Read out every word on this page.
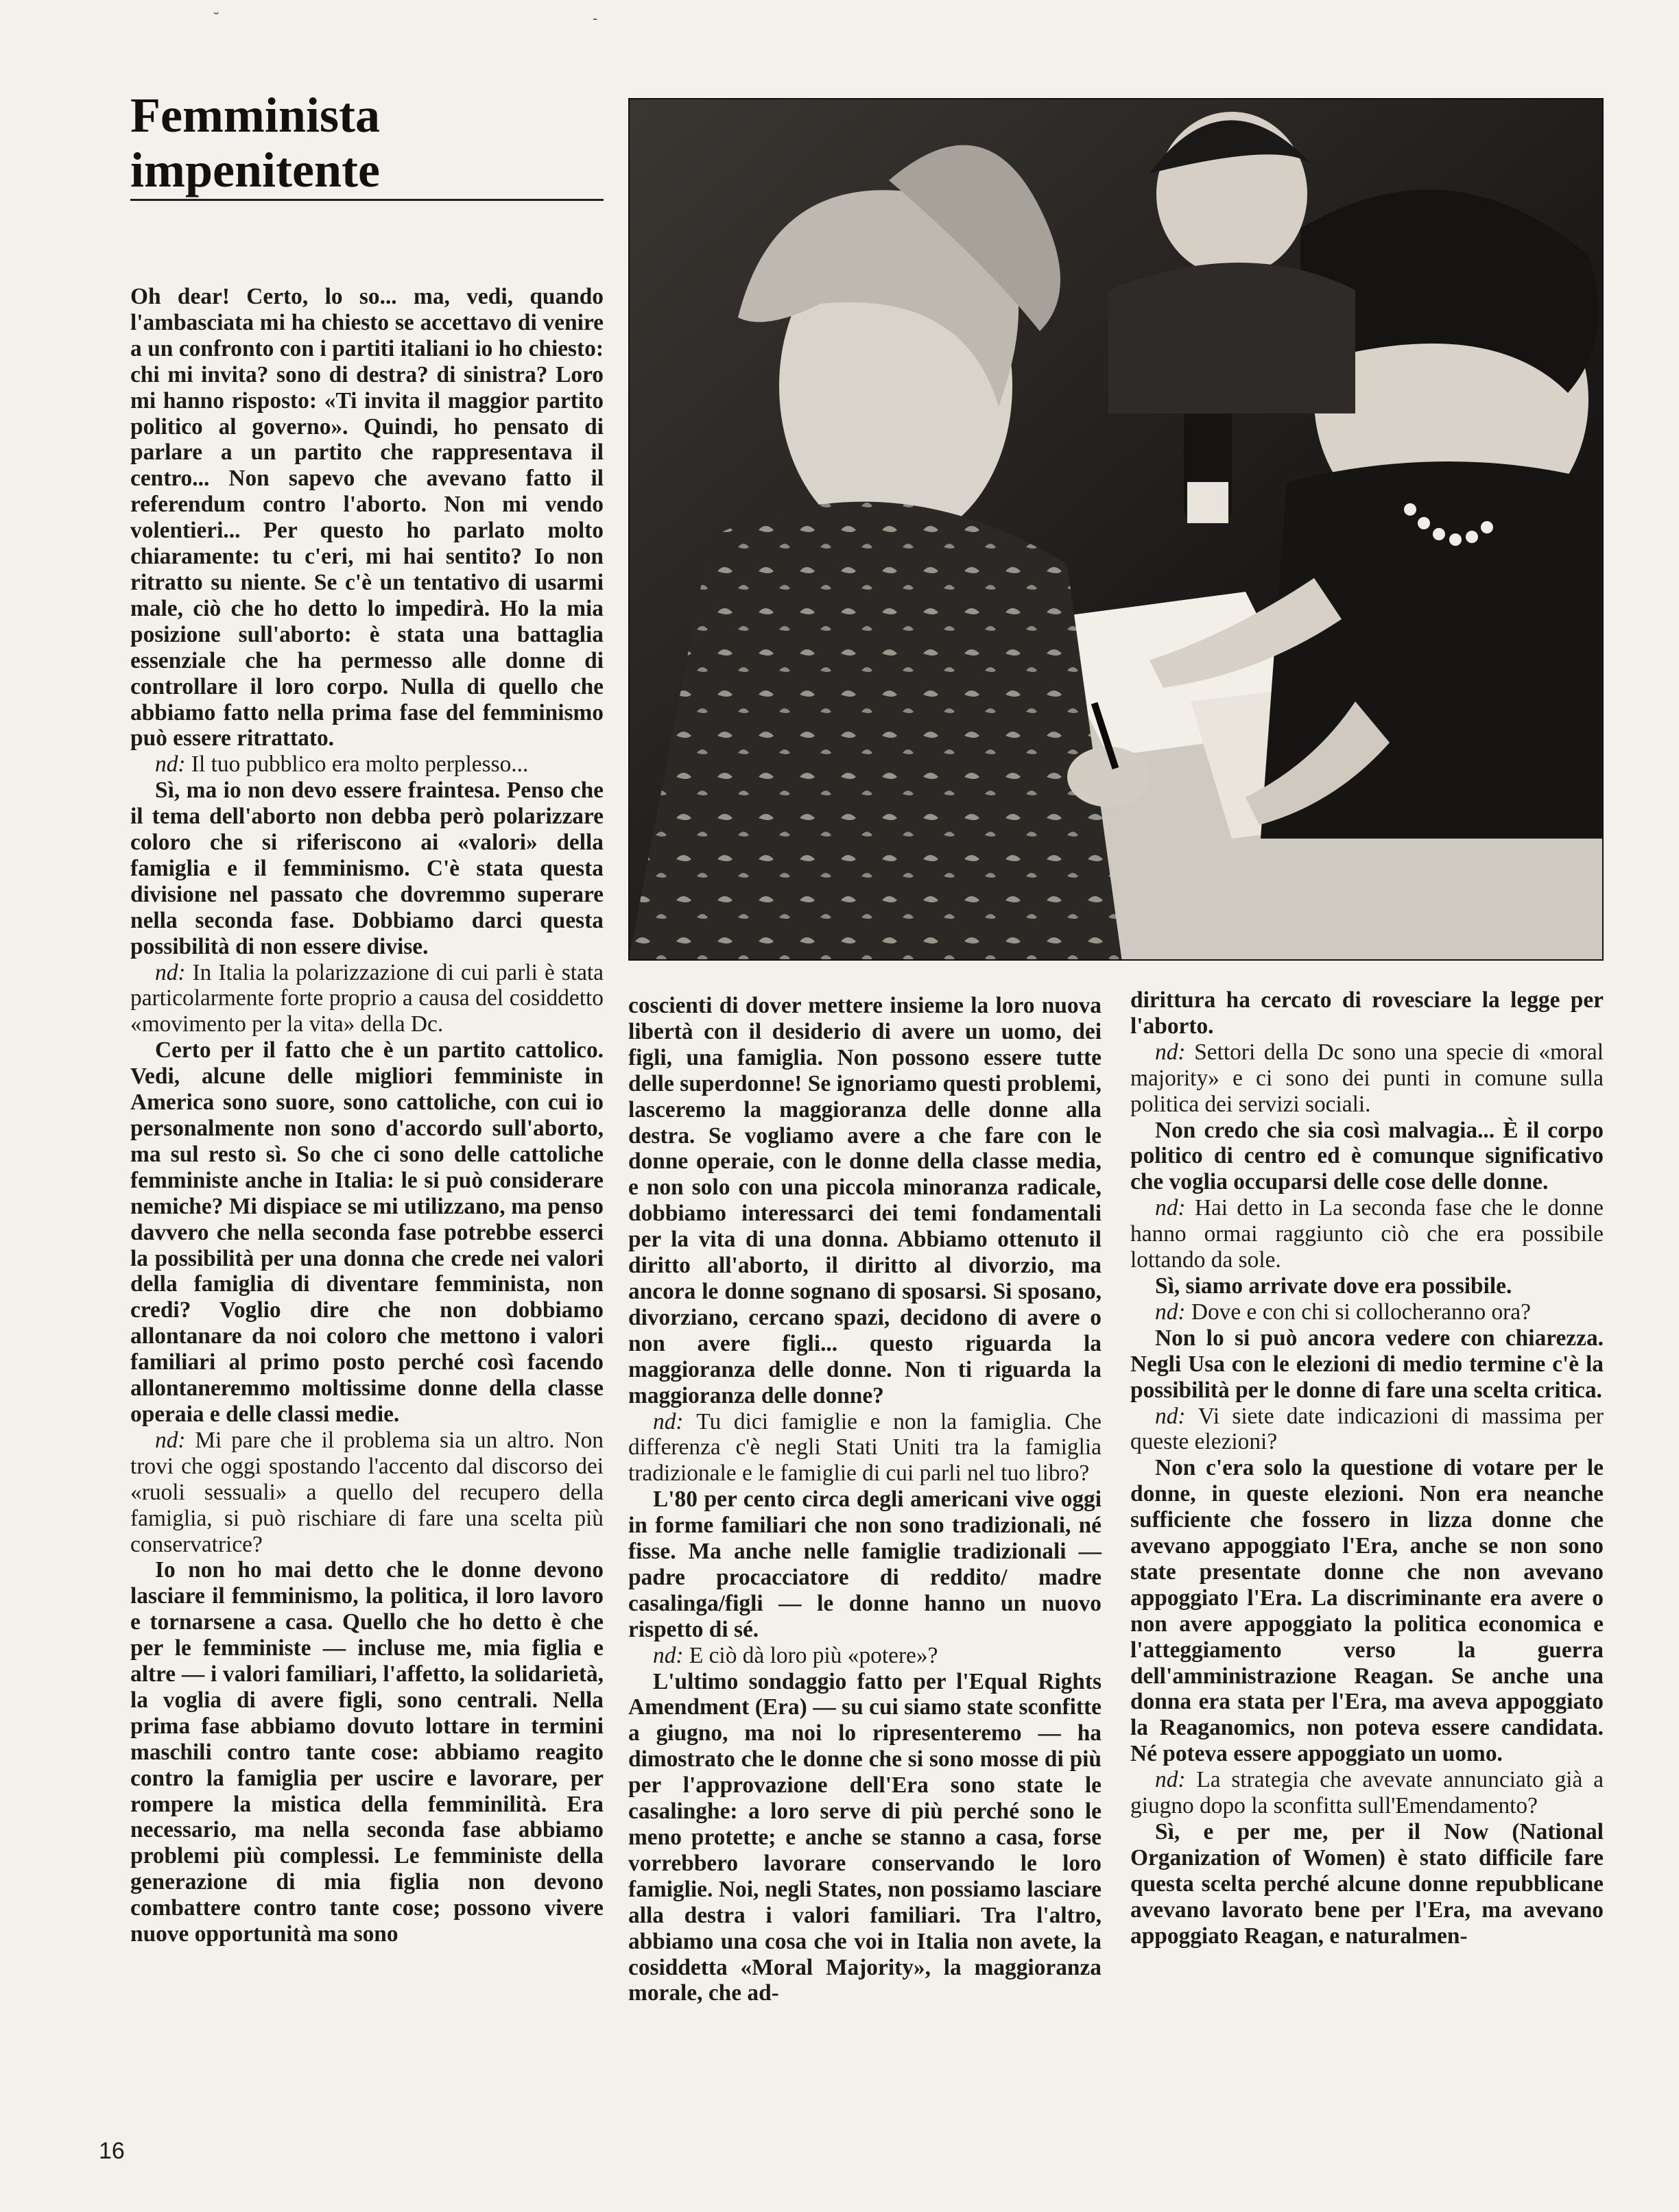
˘	-
Femminista impenitente

Oh dear! Certo, lo so... ma, vedi, quando l'ambasciata mi ha chiesto se accettavo di venire a un confronto con i partiti italiani io ho chiesto: chi mi invita? sono di destra? di sinistra? Loro mi hanno risposto: «Ti invita il maggior partito politico al governo». Quindi, ho pensato di parlare a un partito che rappresentava il centro... Non sapevo che avevano fatto il referendum contro l'aborto. Non mi vendo volentieri... Per questo ho parlato molto chiaramente: tu c'eri, mi hai sentito? Io non ritratto su niente. Se c'è un tentativo di usarmi male, ciò che ho detto lo impedirà. Ho la mia posizione sull'aborto: è stata una battaglia essenziale che ha permesso alle donne di controllare il loro corpo. Nulla di quello che abbiamo fatto nella prima fase del femminismo può essere ritrattato.

nd: Il tuo pubblico era molto perplesso...

Sì, ma io non devo essere fraintesa. Penso che il tema dell'aborto non debba però polarizzare coloro che si riferiscono ai «valori» della famiglia e il femminismo. C'è stata questa divisione nel passato che dovremmo superare nella seconda fase. Dobbiamo darci questa possibilità di non essere divise.

nd: In Italia la polarizzazione di cui parli è stata particolarmente forte proprio a causa del cosiddetto «movimento per la vita» della Dc.

Certo per il fatto che è un partito cattolico. Vedi, alcune delle migliori femministe in America sono suore, sono cattoliche, con cui io personalmente non sono d'accordo sull'aborto, ma sul resto sì. So che ci sono delle cattoliche femministe anche in Italia: le si può considerare nemiche? Mi dispiace se mi utilizzano, ma penso davvero che nella seconda fase potrebbe esserci la possibilità per una donna che crede nei valori della famiglia di diventare femminista, non credi? Voglio dire che non dobbiamo allontanare da noi coloro che mettono i valori familiari al primo posto perché così facendo allontaneremmo moltissime donne della classe operaia e delle classi medie.

nd: Mi pare che il problema sia un altro. Non trovi che oggi spostando l'accento dal discorso dei «ruoli sessuali» a quello del recupero della famiglia, si può rischiare di fare una scelta più conservatrice?

Io non ho mai detto che le donne devono lasciare il femminismo, la politica, il loro lavoro e tornarsene a casa. Quello che ho detto è che per le femministe — incluse me, mia figlia e altre — i valori familiari, l'affetto, la solidarietà, la voglia di avere figli, sono centrali. Nella prima fase abbiamo dovuto lottare in termini maschili contro tante cose: abbiamo reagito contro la famiglia per uscire e lavorare, per rompere la mistica della femminilità. Era necessario, ma nella seconda fase abbiamo problemi più complessi. Le femministe della generazione di mia figlia non devono combattere contro tante cose; possono vivere nuove opportunità ma sono

coscienti di dover mettere insieme la loro nuova libertà con il desiderio di avere un uomo, dei figli, una famiglia. Non possono essere tutte delle superdonne! Se ignoriamo questi problemi, lasceremo la maggioranza delle donne alla destra. Se vogliamo avere a che fare con le donne operaie, con le donne della classe media, e non solo con una piccola minoranza radicale, dobbiamo interessarci dei temi fondamentali per la vita di una donna. Abbiamo ottenuto il diritto all'aborto, il diritto al divorzio, ma ancora le donne sognano di sposarsi. Si sposano, divorziano, cercano spazi, decidono di avere o non avere figli... questo riguarda la maggioranza delle donne. Non ti riguarda la maggioranza delle donne?

nd: Tu dici famiglie e non la famiglia. Che differenza c'è negli Stati Uniti tra la famiglia tradizionale e le famiglie di cui parli nel tuo libro?

L'80 per cento circa degli americani vive oggi in forme familiari che non sono tradizionali, né fisse. Ma anche nelle famiglie tradizionali — padre procacciatore di reddito/ madre casalinga/figli — le donne hanno un nuovo rispetto di sé.

nd: E ciò dà loro più «potere»?

L'ultimo sondaggio fatto per l'Equal Rights Amendment (Era) — su cui siamo state sconfitte a giugno, ma noi lo ripresenteremo — ha dimostrato che le donne che si sono mosse di più per l'approvazione dell'Era sono state le casalinghe: a loro serve di più perché sono le meno protette; e anche se stanno a casa, forse vorrebbero lavorare conservando le loro famiglie. Noi, negli States, non possiamo lasciare alla destra i valori familiari. Tra l'altro, abbiamo una cosa che voi in Italia non avete, la cosiddetta «Moral Majority», la maggioranza morale, che ad-

dirittura ha cercato di rovesciare la legge per l'aborto.

nd: Settori della Dc sono una specie di «moral majority» e ci sono dei punti in comune sulla politica dei servizi sociali.

Non credo che sia così malvagia... È il corpo politico di centro ed è comunque significativo che voglia occuparsi delle cose delle donne.

nd: Hai detto in La seconda fase che le donne hanno ormai raggiunto ciò che era possibile lottando da sole.

Sì, siamo arrivate dove era possibile.

nd: Dove e con chi si collocheranno ora?

Non lo si può ancora vedere con chiarezza. Negli Usa con le elezioni di medio termine c'è la possibilità per le donne di fare una scelta critica.

nd: Vi siete date indicazioni di massima per queste elezioni?

Non c'era solo la questione di votare per le donne, in queste elezioni. Non era neanche sufficiente che fossero in lizza donne che avevano appoggiato l'Era, anche se non sono state presentate donne che non avevano appoggiato l'Era. La discriminante era avere o non avere appoggiato la politica economica e l'atteggiamento verso la guerra dell'amministrazione Reagan. Se anche una donna era stata per l'Era, ma aveva appoggiato la Reaganomics, non poteva essere candidata. Né poteva essere appoggiato un uomo.

nd: La strategia che avevate annunciato già a giugno dopo la sconfitta sull'Emendamento?

Sì, e per me, per il Now (National Organization of Women) è stato difficile fare questa scelta perché alcune donne repubblicane avevano lavorato bene per l'Era, ma avevano appoggiato Reagan, e naturalmen-

16
